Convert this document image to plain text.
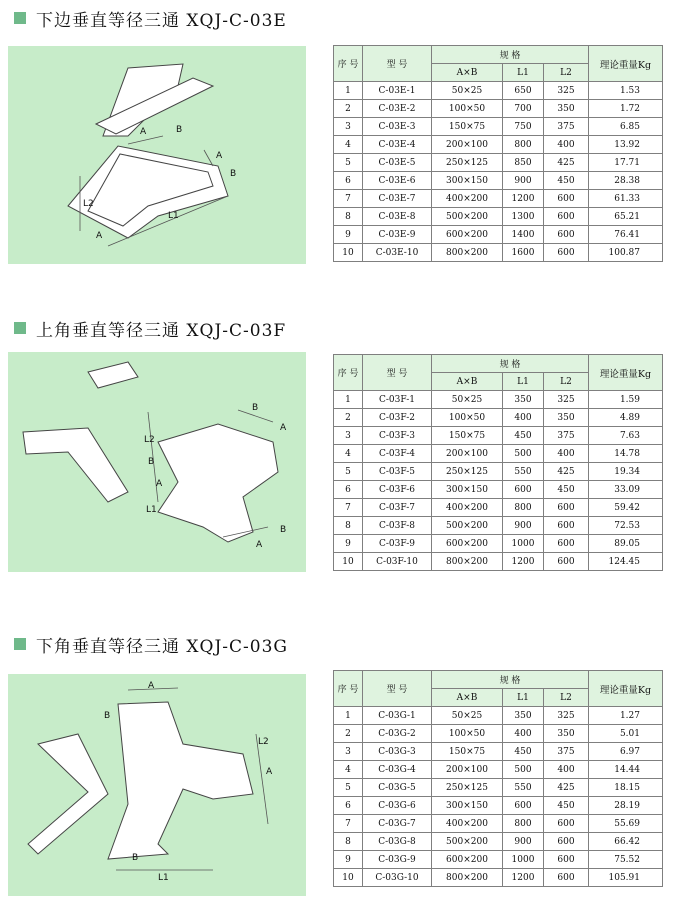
下边垂直等径三通 XQJ-C-03E
A	B
A
B
L2
L1
A
序 号	型 号	规 格			理论重量Kg
		A×B	L1	L2	
1	C-03E-1	50×25	650	325	1.53
2	C-03E-2	100×50	700	350	1.72
3	C-03E-3	150×75	750	375	6.85
4	C-03E-4	200×100	800	400	13.92
5	C-03E-5	250×125	850	425	17.71
6	C-03E-6	300×150	900	450	28.38
7	C-03E-7	400×200	1200	600	61.33
8	C-03E-8	500×200	1300	600	65.21
9	C-03E-9	600×200	1400	600	76.41
10	C-03E-10	800×200	1600	600	100.87
上角垂直等径三通 XQJ-C-03F
B
A
L2
B
A
L1
A
B
序 号	型 号	规 格			理论重量Kg
		A×B	L1	L2	
1	C-03F-1	50×25	350	325	1.59
2	C-03F-2	100×50	400	350	4.89
3	C-03F-3	150×75	450	375	7.63
4	C-03F-4	200×100	500	400	14.78
5	C-03F-5	250×125	550	425	19.34
6	C-03F-6	300×150	600	450	33.09
7	C-03F-7	400×200	800	600	59.42
8	C-03F-8	500×200	900	600	72.53
9	C-03F-9	600×200	1000	600	89.05
10	C-03F-10	800×200	1200	600	124.45
下角垂直等径三通 XQJ-C-03G
A
B
L2
A
B
L1
序 号	型 号	规 格			理论重量Kg
		A×B	L1	L2	
1	C-03G-1	50×25	350	325	1.27
2	C-03G-2	100×50	400	350	5.01
3	C-03G-3	150×75	450	375	6.97
4	C-03G-4	200×100	500	400	14.44
5	C-03G-5	250×125	550	425	18.15
6	C-03G-6	300×150	600	450	28.19
7	C-03G-7	400×200	800	600	55.69
8	C-03G-8	500×200	900	600	66.42
9	C-03G-9	600×200	1000	600	75.52
10	C-03G-10	800×200	1200	600	105.91
